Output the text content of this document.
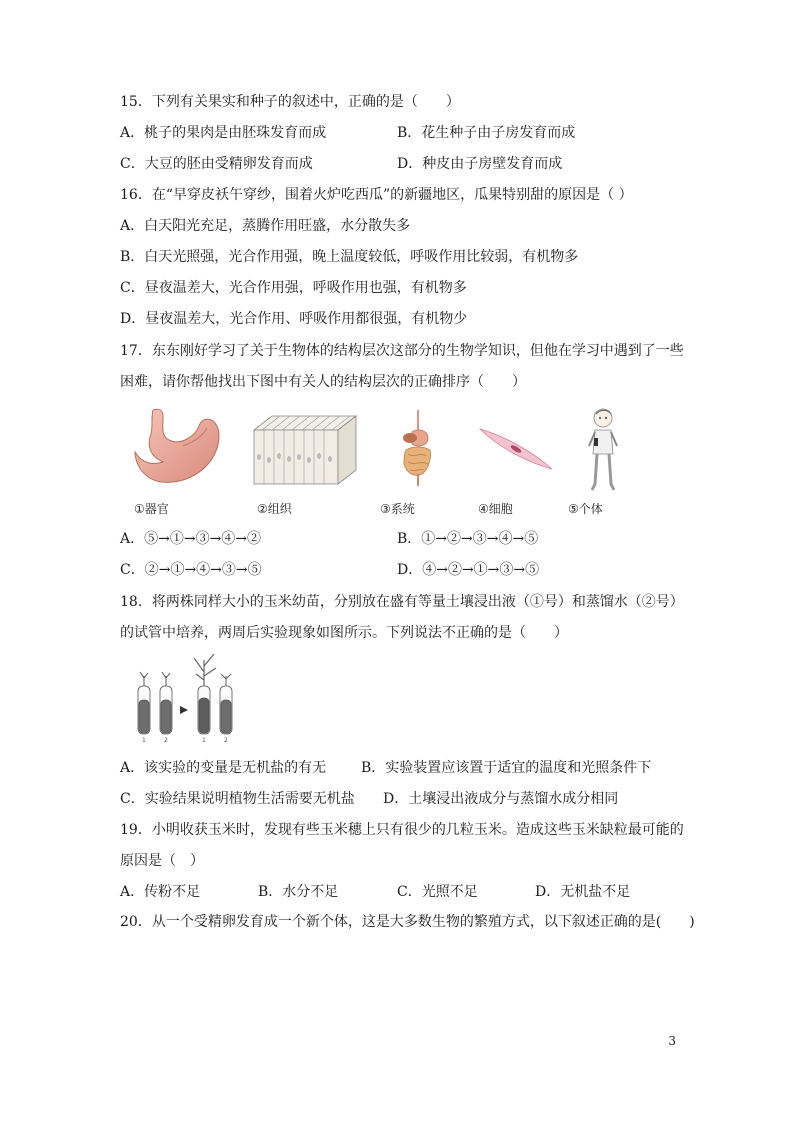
15．下列有关果实和种子的叙述中，正确的是（　　）
A．桃子的果肉是由胚珠发育而成	B．花生种子由子房发育而成
C．大豆的胚由受精卵发育而成	D．种皮由子房壁发育而成
16．在“早穿皮袄午穿纱，围着火炉吃西瓜”的新疆地区，瓜果特别甜的原因是（ ）
A．白天阳光充足，蒸腾作用旺盛，水分散失多
B．白天光照强，光合作用强，晚上温度较低，呼吸作用比较弱，有机物多
C．昼夜温差大，光合作用强，呼吸作用也强，有机物多
D．昼夜温差大，光合作用、呼吸作用都很强，有机物少
17．东东刚好学习了关于生物体的结构层次这部分的生物学知识，但他在学习中遇到了一些
困难，请你帮他找出下图中有关人的结构层次的正确排序（　　）
①器官	②组织	③系统	④细胞	⑤个体
A．⑤→①→③→④→②	B．①→②→③→④→⑤
C．②→①→④→③→⑤	D．④→②→①→③→⑤
18．将两株同样大小的玉米幼苗，分别放在盛有等量土壤浸出液（①号）和蒸馏水（②号）
的试管中培养，两周后实验现象如图所示。下列说法不正确的是（　　）
1	2	1	2
A．该实验的变量是无机盐的有无 B．实验装置应该置于适宜的温度和光照条件下
C．实验结果说明植物生活需要无机盐 D．土壤浸出液成分与蒸馏水成分相同
19．小明收获玉米时，发现有些玉米穗上只有很少的几粒玉米。造成这些玉米缺粒最可能的
原因是（　）
A．传粉不足	B．水分不足	C．光照不足	D．无机盐不足
20．从一个受精卵发育成一个新个体，这是大多数生物的繁殖方式，以下叙述正确的是(　　)
3
